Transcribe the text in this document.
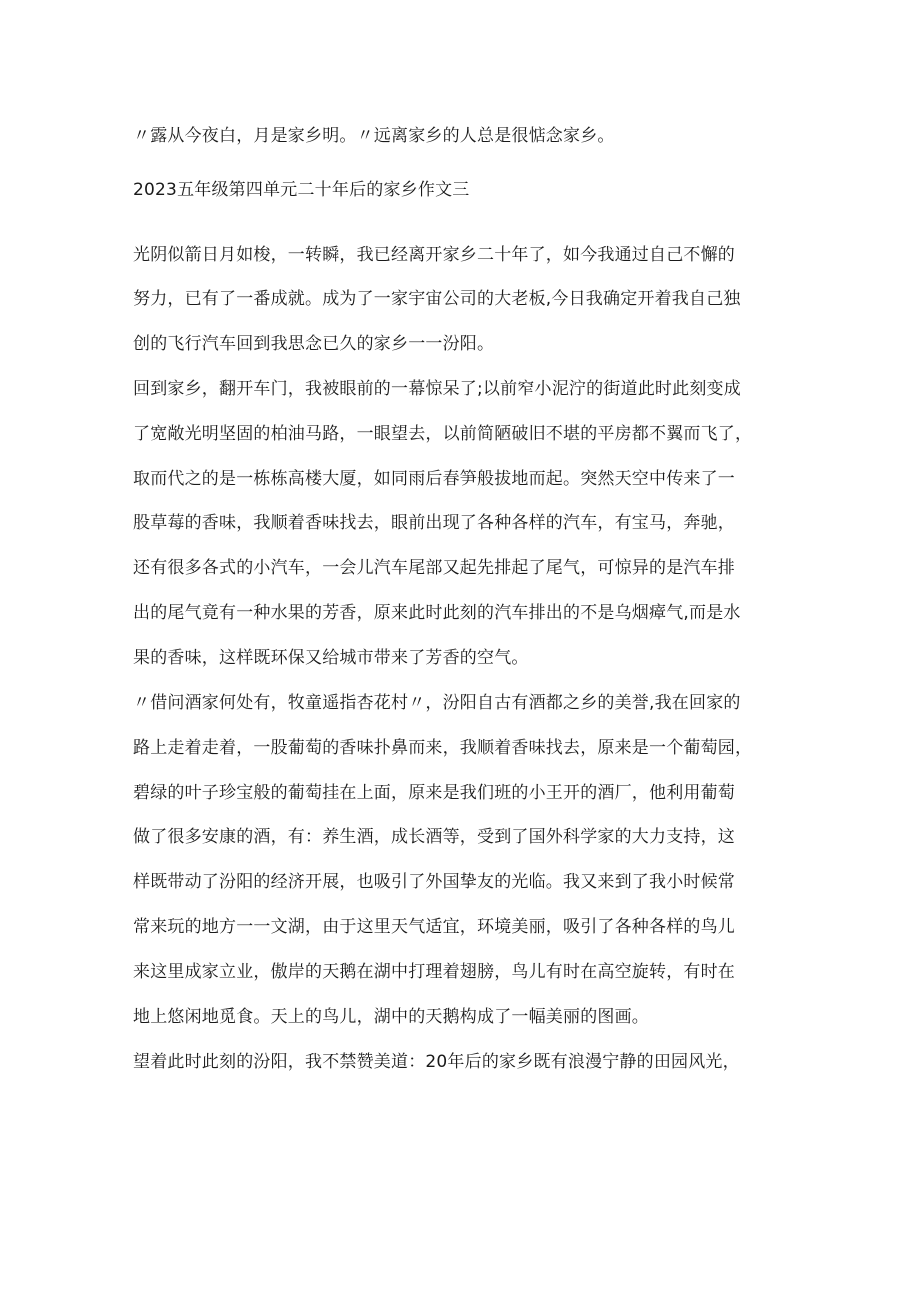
〃露从今夜白，月是家乡明。〃远离家乡的人总是很惦念家乡。
2023五年级第四单元二十年后的家乡作文三
光阴似箭日月如梭，一转瞬，我已经离开家乡二十年了，如今我通过自己不懈的
努力，已有了一番成就。成为了一家宇宙公司的大老板,今日我确定开着我自己独
创的飞行汽车回到我思念已久的家乡一一汾阳。
回到家乡，翻开车门，我被眼前的一幕惊呆了;以前窄小泥泞的街道此时此刻变成
了宽敞光明坚固的柏油马路，一眼望去，以前简陋破旧不堪的平房都不翼而飞了，
取而代之的是一栋栋高楼大厦，如同雨后春笋般拔地而起。突然天空中传来了一
股草莓的香味，我顺着香味找去，眼前出现了各种各样的汽车，有宝马，奔驰，
还有很多各式的小汽车，一会儿汽车尾部又起先排起了尾气，可惊异的是汽车排
出的尾气竟有一种水果的芳香，原来此时此刻的汽车排出的不是乌烟瘴气,而是水
果的香味，这样既环保又给城市带来了芳香的空气。
〃借问酒家何处有，牧童遥指杏花村〃，汾阳自古有酒都之乡的美誉,我在回家的
路上走着走着，一股葡萄的香味扑鼻而来，我顺着香味找去，原来是一个葡萄园，
碧绿的叶子珍宝般的葡萄挂在上面，原来是我们班的小王开的酒厂，他利用葡萄
做了很多安康的酒，有：养生酒，成长酒等，受到了国外科学家的大力支持，这
样既带动了汾阳的经济开展，也吸引了外国挚友的光临。我又来到了我小时候常
常来玩的地方一一文湖，由于这里天气适宜，环境美丽，吸引了各种各样的鸟儿
来这里成家立业，傲岸的天鹅在湖中打理着翅膀，鸟儿有时在高空旋转，有时在
地上悠闲地觅食。天上的鸟儿，湖中的天鹅构成了一幅美丽的图画。
望着此时此刻的汾阳，我不禁赞美道：20年后的家乡既有浪漫宁静的田园风光，
